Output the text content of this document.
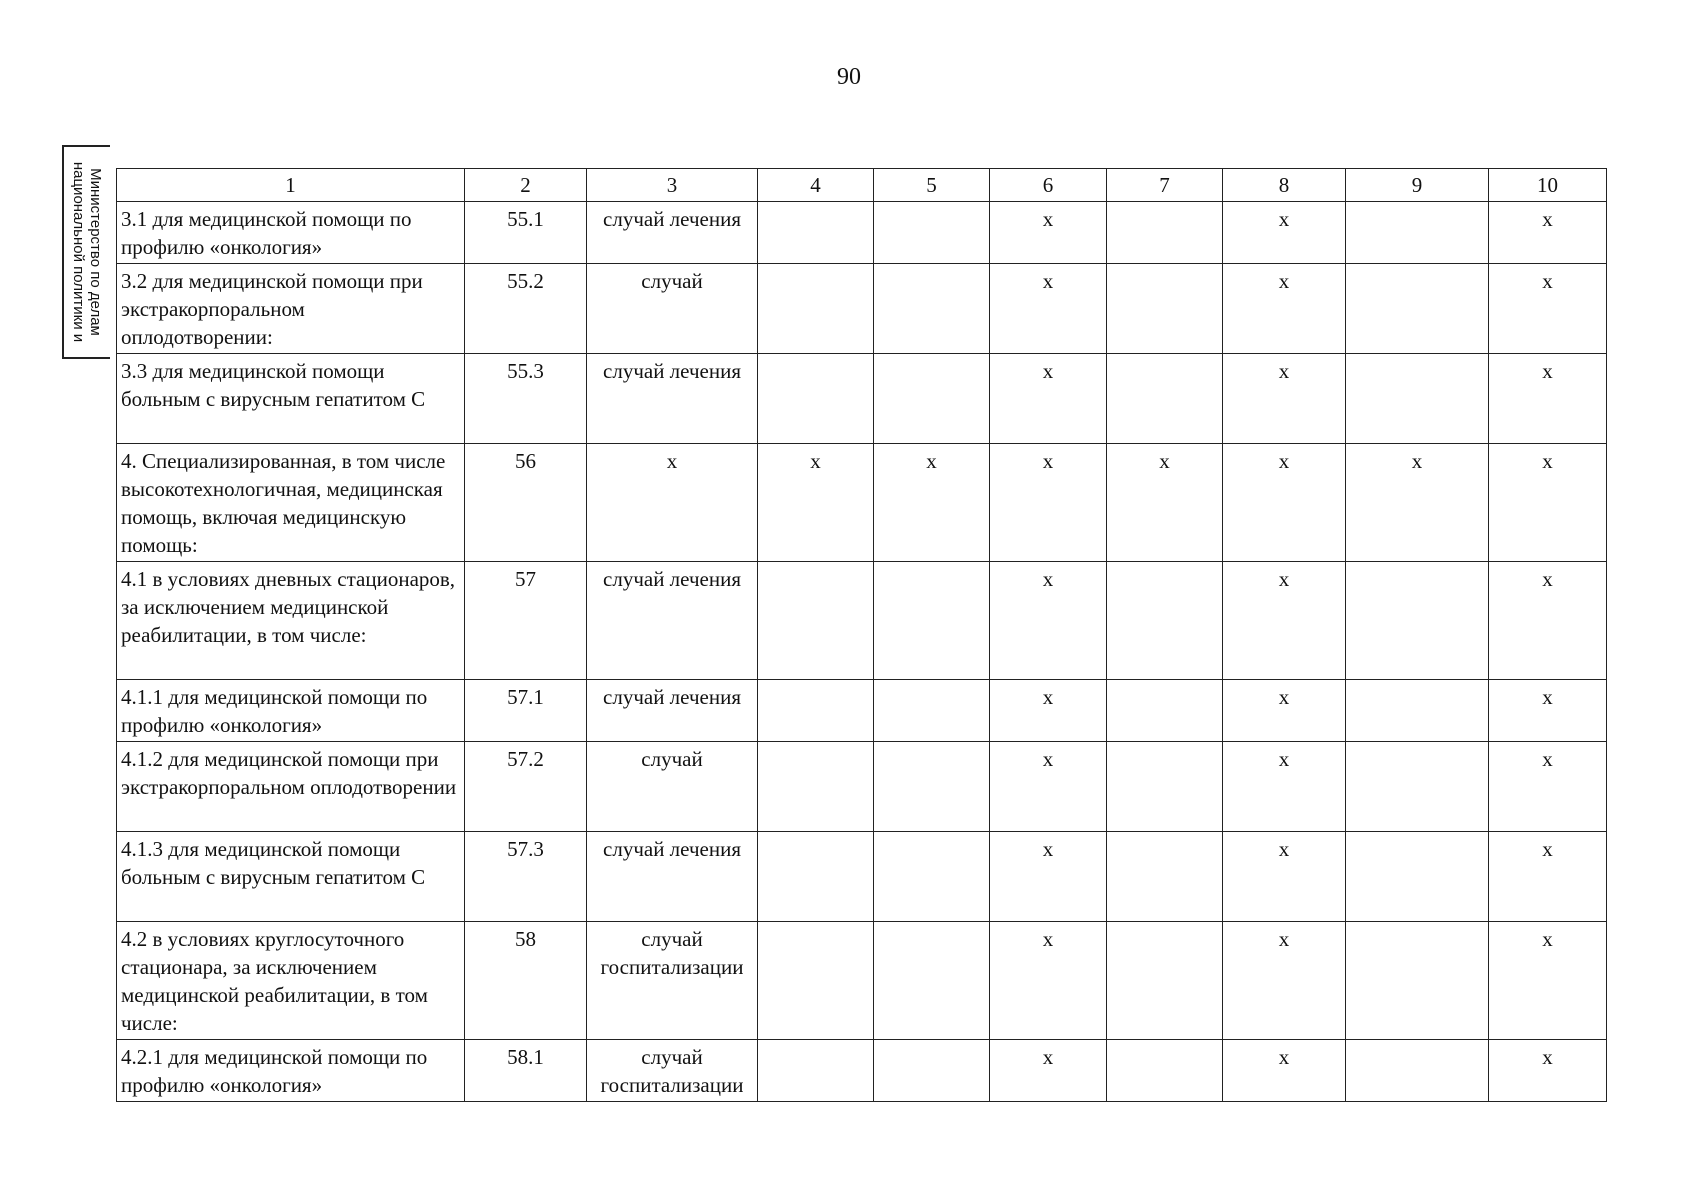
90
Министерство по делам
национальной политики и	1	2	3	4	5	6	7	8	9	10
3.1 для медицинской помощи по профилю «онкология»	55.1	случай лечения			х		х		х
3.2 для медицинской помощи при экстракорпоральном оплодотворении:	55.2	случай			х		х		х
3.3 для медицинской помощи больным с вирусным гепатитом С	55.3	случай лечения			х		х		х
4. Специализированная, в том числе высокотехнологичная, медицинская помощь, включая медицинскую помощь:	56	х	х	х	х	х	х	х	х
4.1 в условиях дневных стационаров, за исключением медицинской реабилитации, в том числе:	57	случай лечения			х		х		х
4.1.1 для медицинской помощи по профилю «онкология»	57.1	случай лечения			х		х		х
4.1.2 для медицинской помощи при экстракорпоральном оплодотворении	57.2	случай			х		х		х
4.1.3 для медицинской помощи больным с вирусным гепатитом С	57.3	случай лечения			х		х		х
4.2 в условиях круглосуточного стационара, за исключением медицинской реабилитации, в том числе:	58	случай госпитализации			х		х		х
4.2.1 для медицинской помощи по профилю «онкология»	58.1	случай госпитализации			х		х		х
